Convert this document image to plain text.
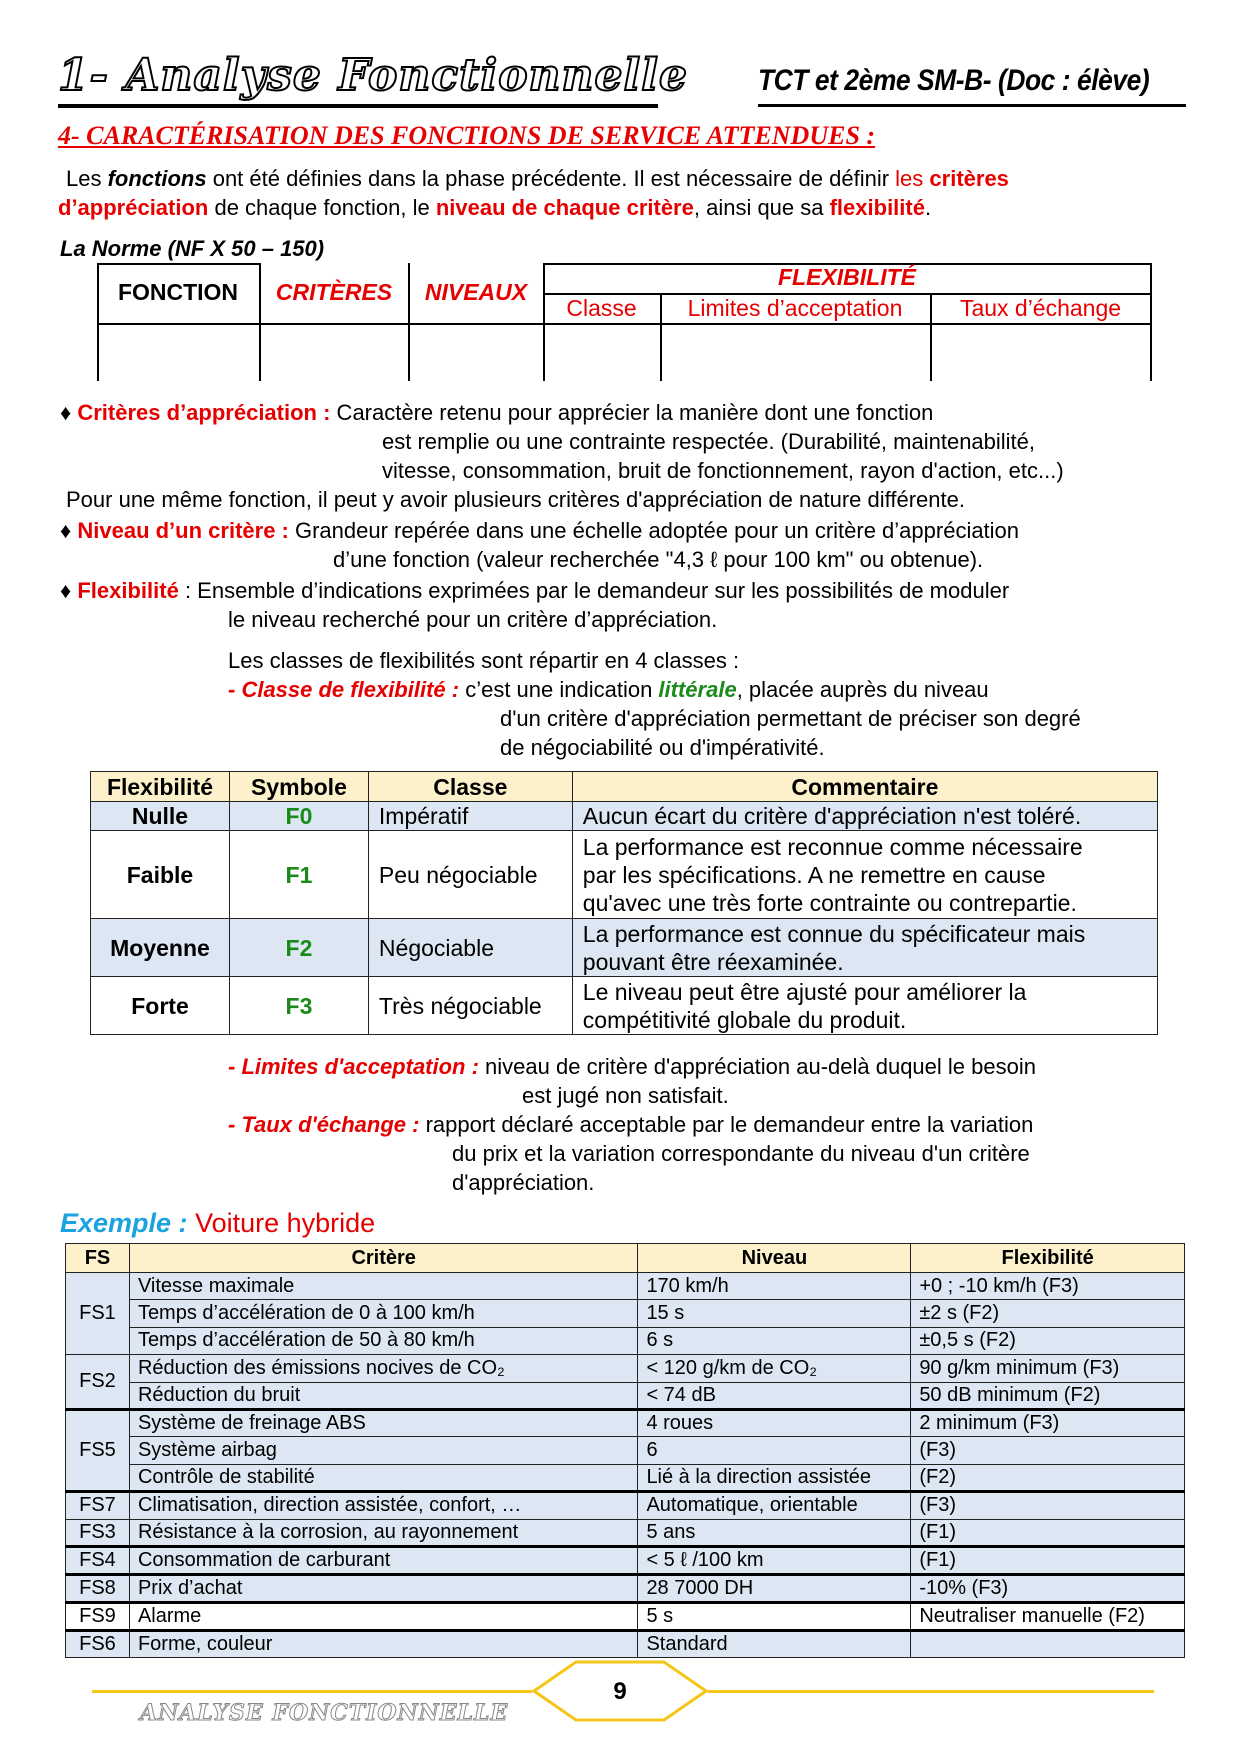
1- Analyse Fonctionnelle TCT et 2ème SM-B- (Doc : élève)
4- CARACTÉRISATION DES FONCTIONS DE SERVICE ATTENDUES :
Les fonctions ont été définies dans la phase précédente. Il est nécessaire de définir les critères
d’appréciation de chaque fonction, le niveau de chaque critère, ainsi que sa flexibilité.
La Norme (NF X 50 – 150)
FONCTION	CRITÈRES	NIVEAUX
FLEXIBILITÉ
Classe	Limites d’acceptation	Taux d’échange
♦ Critères d’appréciation : Caractère retenu pour apprécier la manière dont une fonction
est remplie ou une contrainte respectée. (Durabilité, maintenabilité,
vitesse, consommation, bruit de fonctionnement, rayon d'action, etc...)
Pour une même fonction, il peut y avoir plusieurs critères d'appréciation de nature différente.
♦ Niveau d’un critère : Grandeur repérée dans une échelle adoptée pour un critère d’appréciation
d’une fonction (valeur recherchée "4,3 ℓ pour 100 km" ou obtenue).
♦ Flexibilité : Ensemble d’indications exprimées par le demandeur sur les possibilités de moduler
le niveau recherché pour un critère d’appréciation.
Les classes de flexibilités sont répartir en 4 classes :
- Classe de flexibilité : c’est une indication littérale, placée auprès du niveau
d'un critère d'appréciation permettant de préciser son degré
de négociabilité ou d'impérativité.
Flexibilité	Symbole	Classe	Commentaire
Nulle	F0	Impératif	Aucun écart du critère d'appréciation n'est toléré.
Faible	F1	Peu négociable	La performance est reconnue comme nécessaire
par les spécifications. A ne remettre en cause
qu'avec une très forte contrainte ou contrepartie.

Moyenne	F2	Négociable	La performance est connue du spécificateur mais
pouvant être réexaminée.

Forte	F3	Très négociable	Le niveau peut être ajusté pour améliorer la
compétitivité globale du produit.
- Limites d'acceptation : niveau de critère d'appréciation au-delà duquel le besoin
est jugé non satisfait.
- Taux d'échange : rapport déclaré acceptable par le demandeur entre la variation
du prix et la variation correspondante du niveau d'un critère
d'appréciation.
Exemple : Voiture hybride
FS	Critère	Niveau	Flexibilité
FS1	Vitesse maximale	170 km/h	+0 ; -10 km/h (F3)
	Temps d’accélération de 0 à 100 km/h	15 s	±2 s (F2)
	Temps d’accélération de 50 à 80 km/h	6 s	±0,5 s (F2)
FS2	Réduction des émissions nocives de CO₂	< 120 g/km de CO₂	90 g/km minimum (F3)
	Réduction du bruit	< 74 dB	50 dB minimum (F2)
FS5	Système de freinage ABS	4 roues	2 minimum (F3)
	Système airbag	6	(F3)
	Contrôle de stabilité	Lié à la direction assistée	(F2)
FS7	Climatisation, direction assistée, confort, …	Automatique, orientable	(F3)
FS3	Résistance à la corrosion, au rayonnement	5 ans	(F1)
FS4	Consommation de carburant	< 5 ℓ /100 km	(F1)
FS8	Prix d’achat	28 7000 DH	-10% (F3)
FS9	Alarme	5 s	Neutraliser manuelle (F2)
FS6	Forme, couleur	Standard	
9
ANALYSE FONCTIONNELLE
